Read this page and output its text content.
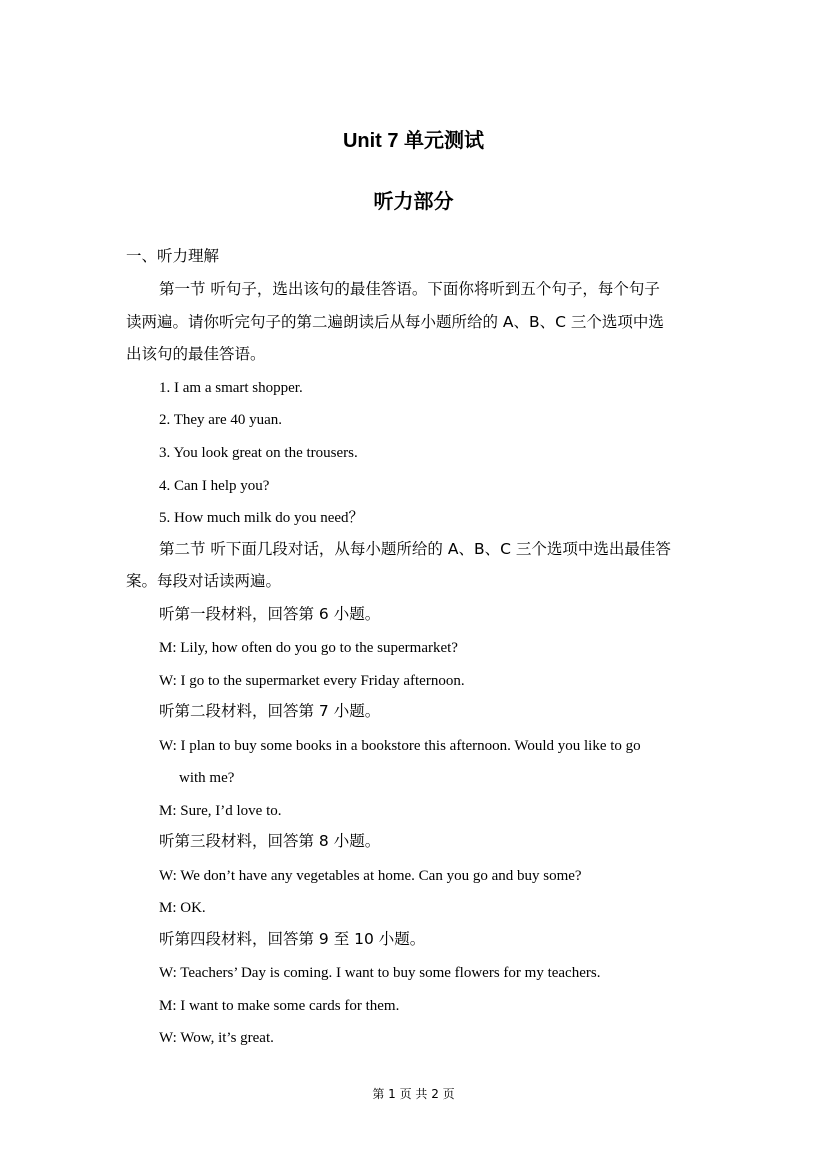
Unit 7 单元测试
听力部分
一、听力理解
第一节 听句子，选出该句的最佳答语。下面你将听到五个句子，每个句子
读两遍。请你听完句子的第二遍朗读后从每小题所给的 A、B、C 三个选项中选
出该句的最佳答语。
1. I am a smart shopper.
2. They are 40 yuan.
3. You look great on the trousers.
4. Can I help you?
5. How much milk do you need？
第二节 听下面几段对话，从每小题所给的 A、B、C 三个选项中选出最佳答
案。每段对话读两遍。
听第一段材料，回答第 6 小题。
M: Lily, how often do you go to the supermarket?
W: I go to the supermarket every Friday afternoon.
听第二段材料，回答第 7 小题。
W: I plan to buy some books in a bookstore this afternoon. Would you like to go
with me?
M: Sure, I’d love to.
听第三段材料，回答第 8 小题。
W: We don’t have any vegetables at home. Can you go and buy some?
M: OK.
听第四段材料，回答第 9 至 10 小题。
W: Teachers’ Day is coming. I want to buy some flowers for my teachers.
M: I want to make some cards for them.
W: Wow, it’s great.
第 1 页 共 2 页
